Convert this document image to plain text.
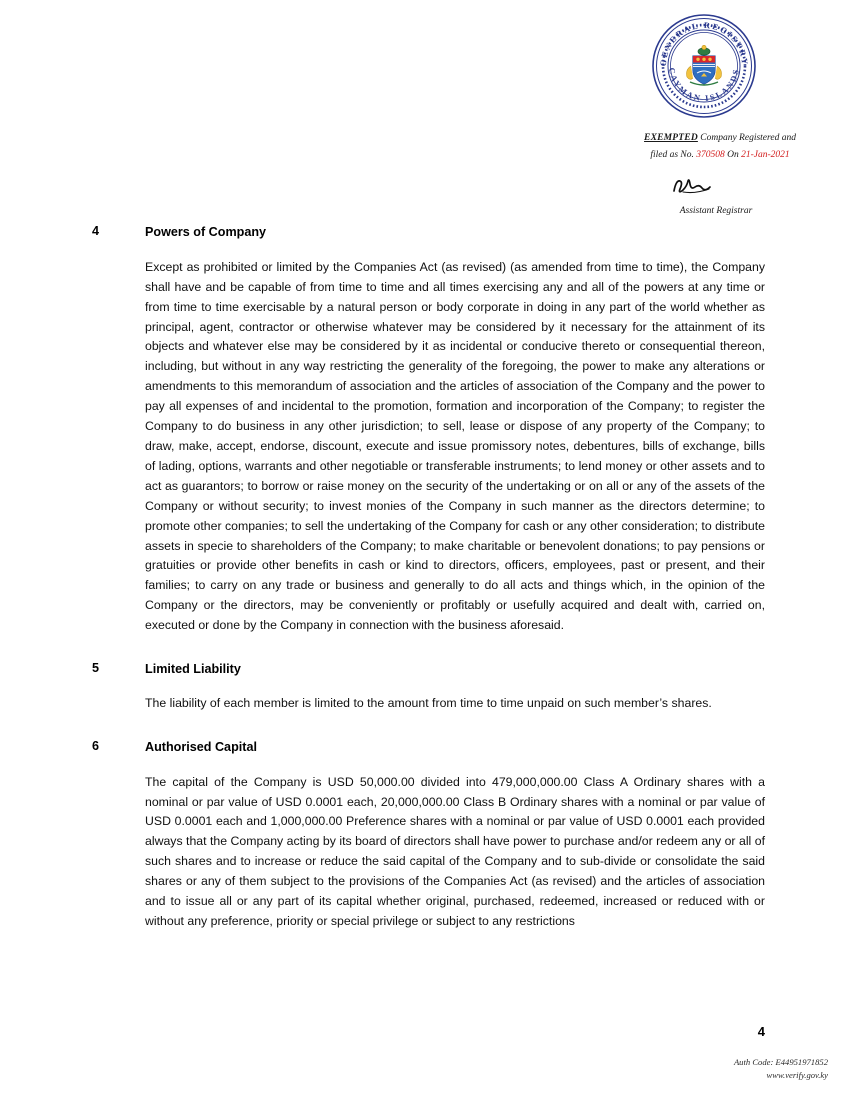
GENERAL REGISTRY
CAYMAN ISLANDS
EXEMPTED Company Registered and
filed as No. 370508 On 21-Jan-2021
Assistant Registrar
4	Powers of Company

Except as prohibited or limited by the Companies Act (as revised) (as amended from time to time), the Company shall have and be capable of from time to time and all times exercising any and all of the powers at any time or from time to time exercisable by a natural person or body corporate in doing in any part of the world whether as principal, agent, contractor or otherwise whatever may be considered by it necessary for the attainment of its objects and whatever else may be considered by it as incidental or conducive thereto or consequential thereon, including, but without in any way restricting the generality of the foregoing, the power to make any alterations or amendments to this memorandum of association and the articles of association of the Company and the power to pay all expenses of and incidental to the promotion, formation and incorporation of the Company; to register the Company to do business in any other jurisdiction; to sell, lease or dispose of any property of the Company; to draw, make, accept, endorse, discount, execute and issue promissory notes, debentures, bills of exchange, bills of lading, options, warrants and other negotiable or transferable instruments; to lend money or other assets and to act as guarantors; to borrow or raise money on the security of the undertaking or on all or any of the assets of the Company or without security; to invest monies of the Company in such manner as the directors determine; to promote other companies; to sell the undertaking of the Company for cash or any other consideration; to distribute assets in specie to shareholders of the Company; to make charitable or benevolent donations; to pay pensions or gratuities or provide other benefits in cash or kind to directors, officers, employees, past or present, and their families; to carry on any trade or business and generally to do all acts and things which, in the opinion of the Company or the directors, may be conveniently or profitably or usefully acquired and dealt with, carried on, executed or done by the Company in connection with the business aforesaid.

5	Limited Liability

The liability of each member is limited to the amount from time to time unpaid on such member’s shares.

6	Authorised Capital

The capital of the Company is USD 50,000.00 divided into 479,000,000.00 Class A Ordinary shares with a nominal or par value of USD 0.0001 each, 20,000,000.00 Class B Ordinary shares with a nominal or par value of USD 0.0001 each and 1,000,000.00 Preference shares with a nominal or par value of USD 0.0001 each provided always that the Company acting by its board of directors shall have power to purchase and/or redeem any or all of such shares and to increase or reduce the said capital of the Company and to sub-divide or consolidate the said shares or any of them subject to the provisions of the Companies Act (as revised) and the articles of association and to issue all or any part of its capital whether original, purchased, redeemed, increased or reduced with or without any preference, priority or special privilege or subject to any restrictions

4
Auth Code: E44951971852
www.verify.gov.ky
